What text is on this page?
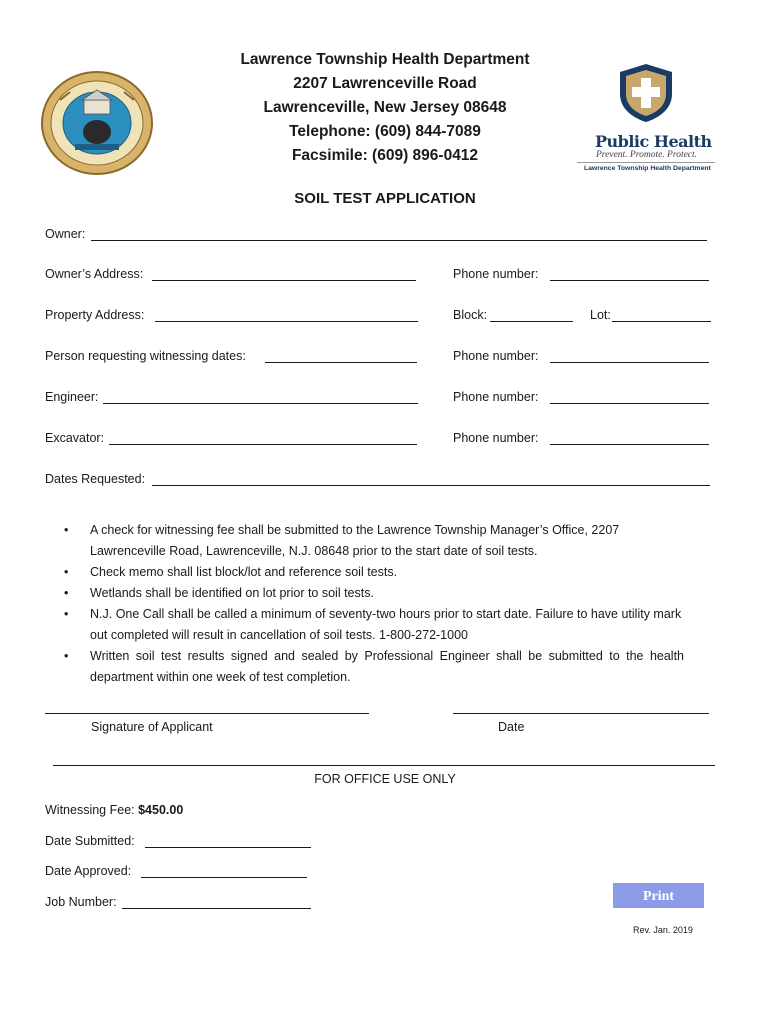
Lawrence Township Health Department
2207 Lawrenceville Road
Lawrenceville, New Jersey 08648
Telephone: (609) 844-7089
Facsimile: (609) 896-0412
Public Health
Prevent. Promote. Protect.
Lawrence Township Health Department
SOIL TEST APPLICATION
Owner:
Owner’s Address:	Phone number:
Property Address:	Block:	Lot:
Person requesting witnessing dates:	Phone number:
Engineer:	Phone number:
Excavator:	Phone number:
Dates Requested:
• A check for witnessing fee shall be submitted to the Lawrence Township Manager’s Office, 2207 Lawrenceville Road, Lawrenceville, N.J. 08648 prior to the start date of soil tests.
• Check memo shall list block/lot and reference soil tests.
• Wetlands shall be identified on lot prior to soil tests.
• N.J. One Call shall be called a minimum of seventy-two hours prior to start date. Failure to have utility mark out completed will result in cancellation of soil tests. 1-800-272-1000
• Written soil test results signed and sealed by Professional Engineer shall be submitted to the health department within one week of test completion.
Signature of Applicant	Date
FOR OFFICE USE ONLY
Witnessing Fee: $450.00
Date Submitted:
Date Approved:
Job Number:	Print
Rev. Jan. 2019
